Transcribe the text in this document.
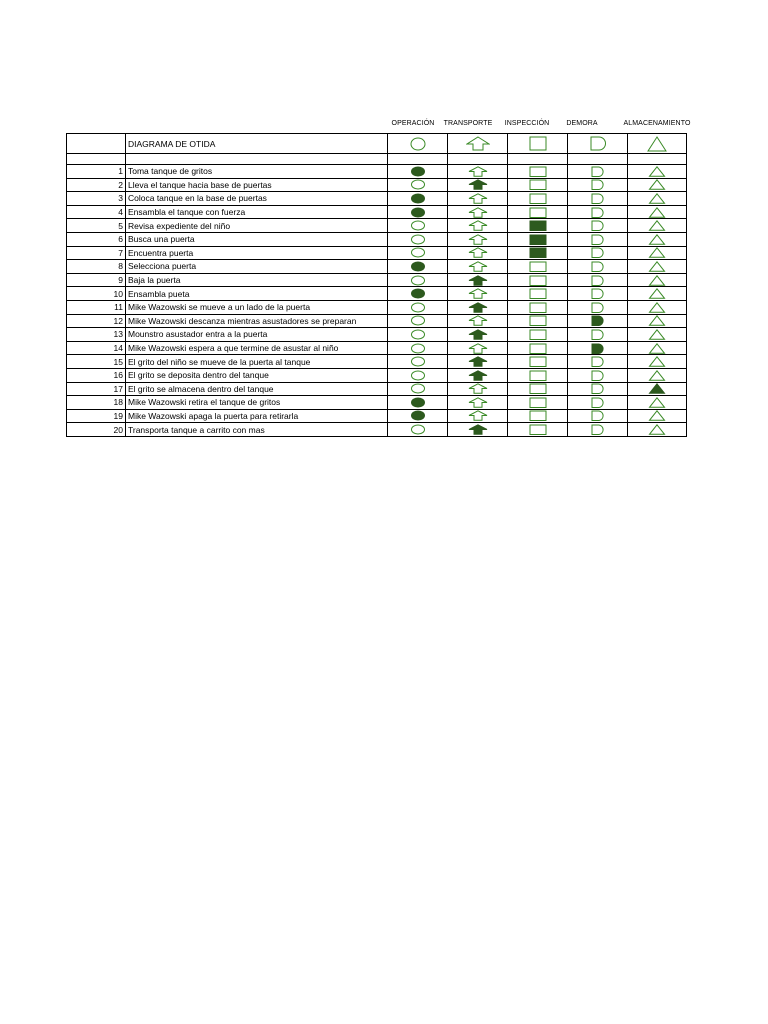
OPERACIÓN TRANSPORTE INSPECCIÓN DEMORA	ALMACENAMIENTO
	DIAGRAMA DE OTIDA	

1	Toma tanque de gritos	

2	Lleva el tanque hacia base de puertas	

3	Coloca tanque en la base de puertas	

4	Ensambla el tanque con fuerza	

5	Revisa expediente del niño	

6	Busca una puerta	

7	Encuentra puerta	

8	Selecciona puerta	

9	Baja la puerta	

10	Ensambla pueta	

11	Mike Wazowski se mueve a un lado de la puerta	

12	Mike Wazowski descanza mientras asustadores se preparan	

13	Mounstro asustador entra a la puerta	

14	Mike Wazowski espera a que termine de asustar al niño	

15	El grito del niño se mueve de la puerta al tanque	

16	El grito se deposita dentro del tanque	

17	El grito se almacena dentro del tanque	

18	Mike Wazowski retira el tanque de gritos	

19	Mike Wazowski apaga la puerta para retirarla	

20	Transporta tanque a carrito con mas	
